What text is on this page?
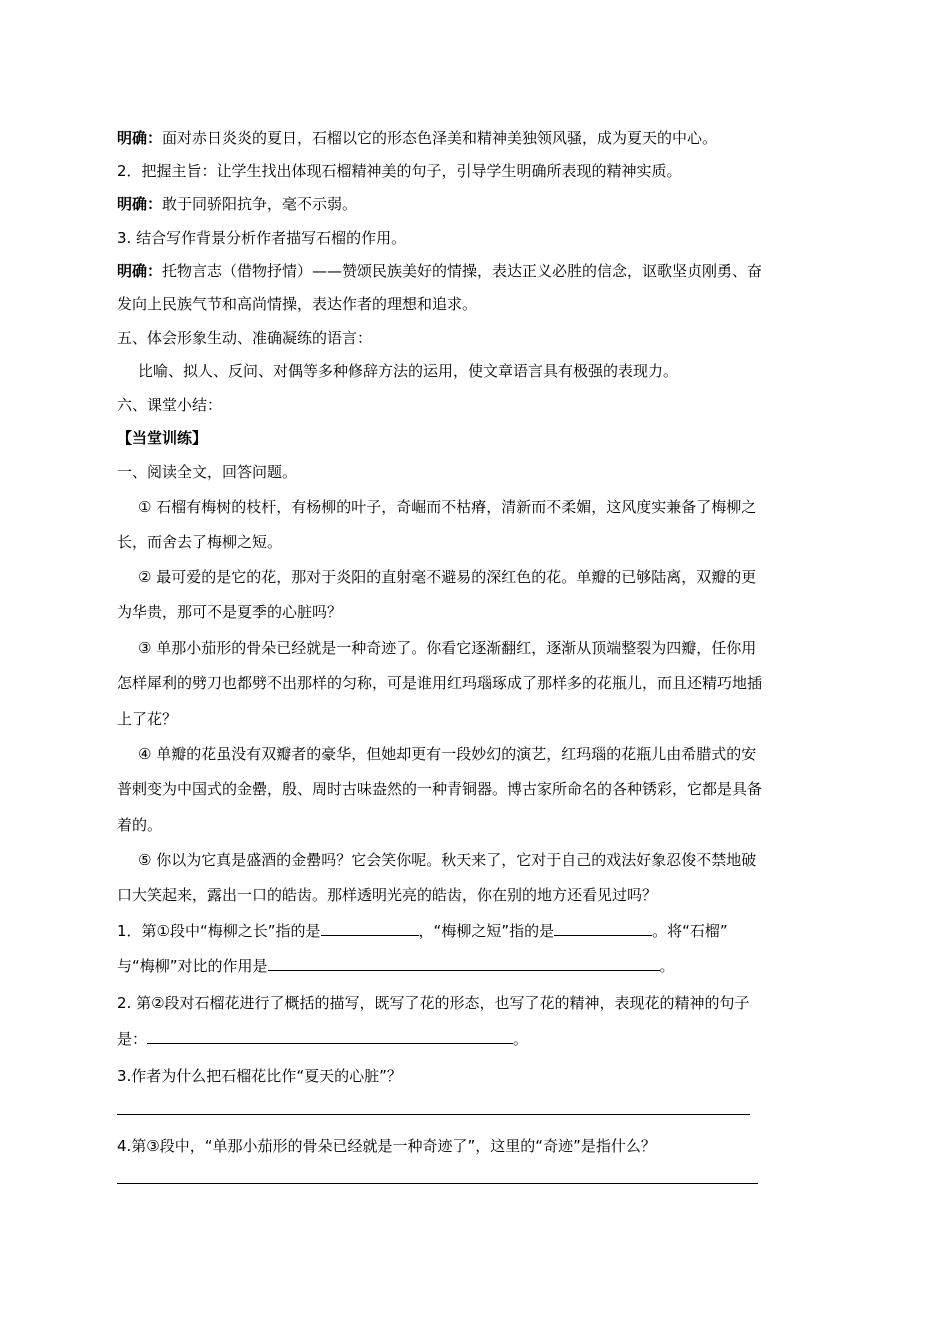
明确：面对赤日炎炎的夏日，石榴以它的形态色泽美和精神美独领风骚，成为夏天的中心。
2．把握主旨：让学生找出体现石榴精神美的句子，引导学生明确所表现的精神实质。
明确：敢于同骄阳抗争，毫不示弱。
3. 结合写作背景分析作者描写石榴的作用。
明确：托物言志（借物抒情）——赞颂民族美好的情操，表达正义必胜的信念，讴歌坚贞刚勇、奋
发向上民族气节和高尚情操，表达作者的理想和追求。
五、体会形象生动、准确凝练的语言：
比喻、拟人、反问、对偶等多种修辞方法的运用，使文章语言具有极强的表现力。
六、课堂小结：
【当堂训练】
一、阅读全文，回答问题。
① 石榴有梅树的枝杆，有杨柳的叶子，奇崛而不枯瘠，清新而不柔媚，这风度实兼备了梅柳之
长，而舍去了梅柳之短。
② 最可爱的是它的花，那对于炎阳的直射毫不避易的深红色的花。单瓣的已够陆离，双瓣的更
为华贵，那可不是夏季的心脏吗？
③ 单那小茄形的骨朵已经就是一种奇迹了。你看它逐渐翻红，逐渐从顶端整裂为四瓣，任你用
怎样犀利的劈刀也都劈不出那样的匀称，可是谁用红玛瑙琢成了那样多的花瓶儿，而且还精巧地插
上了花？
④ 单瓣的花虽没有双瓣者的豪华，但她却更有一段妙幻的演艺，红玛瑙的花瓶儿由希腊式的安
普剌变为中国式的金罍，殷、周时古味盎然的一种青铜器。博古家所命名的各种锈彩，它都是具备
着的。
⑤ 你以为它真是盛酒的金罍吗？它会笑你呢。秋天来了，它对于自己的戏法好象忍俊不禁地破
口大笑起来，露出一口的皓齿。那样透明光亮的皓齿，你在别的地方还看见过吗？
1．第①段中“梅柳之长”指的是	，“梅柳之短”指的是	。将“石榴”
与“梅柳”对比的作用是	。
2. 第②段对石榴花进行了概括的描写，既写了花的形态，也写了花的精神，表现花的精神的句子
是：	。
3.作者为什么把石榴花比作“夏天的心脏”？
4.第③段中，“单那小茄形的骨朵已经就是一种奇迹了”，这里的“奇迹”是指什么？
